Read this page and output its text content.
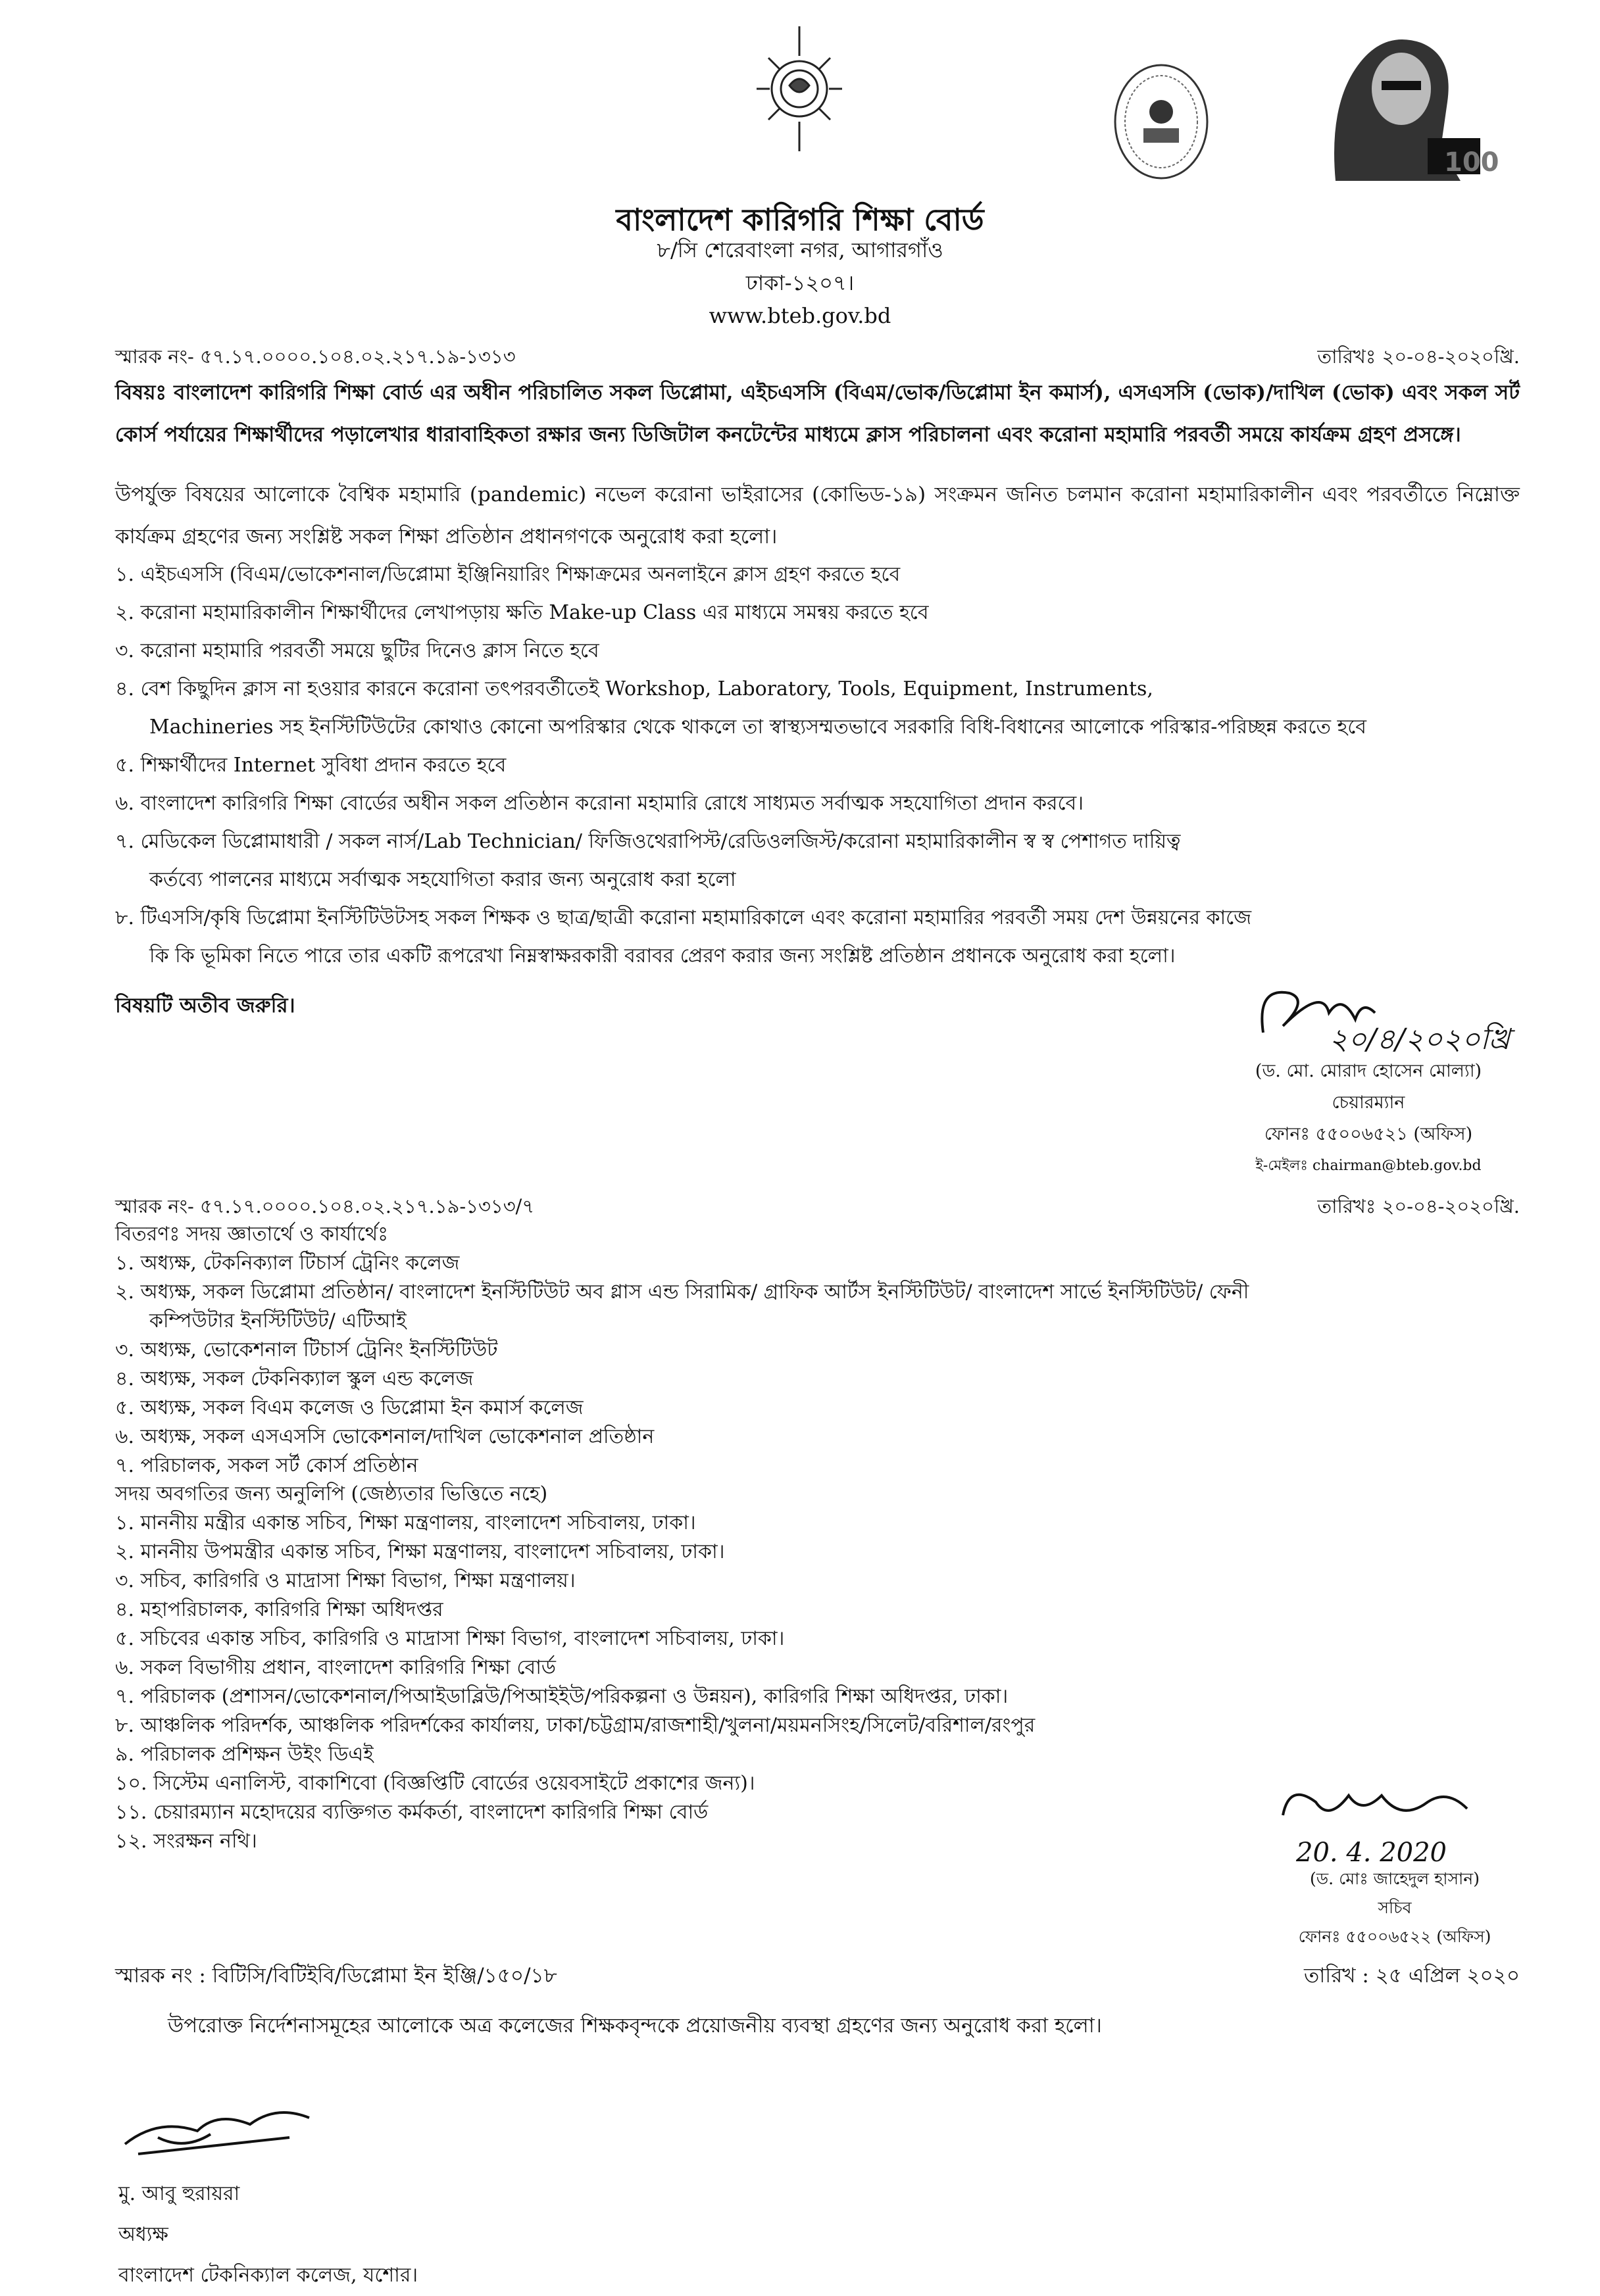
100
বাংলাদেশ কারিগরি শিক্ষা বোর্ড
৮/সি শেরেবাংলা নগর, আগারগাঁও
ঢাকা-১২০৭।
www.bteb.gov.bd
স্মারক নং- ৫৭.১৭.০০০০.১০৪.০২.২১৭.১৯-১৩১৩	তারিখঃ ২০-০৪-২০২০খ্রি.
বিষয়ঃ বাংলাদেশ কারিগরি শিক্ষা বোর্ড এর অধীন পরিচালিত সকল ডিপ্লোমা, এইচএসসি (বিএম/ভোক/ডিপ্লোমা ইন কমার্স), এসএসসি (ভোক)/দাখিল (ভোক) এবং সকল সর্ট কোর্স পর্যায়ের শিক্ষার্থীদের পড়ালেখার ধারাবাহিকতা রক্ষার জন্য ডিজিটাল কনটেন্টের মাধ্যমে ক্লাস পরিচালনা এবং করোনা মহামারি পরবর্তী সময়ে কার্যক্রম গ্রহণ প্রসঙ্গে।
উপর্যুক্ত বিষয়ের আলোকে বৈশ্বিক মহামারি (pandemic) নভেল করোনা ভাইরাসের (কোভিড-১৯) সংক্রমন জনিত চলমান করোনা মহামারিকালীন এবং পরবর্তীতে নিম্নোক্ত কার্যক্রম গ্রহণের জন্য সংশ্লিষ্ট সকল শিক্ষা প্রতিষ্ঠান প্রধানগণকে অনুরোধ করা হলো।
১. এইচএসসি (বিএম/ভোকেশনাল/ডিপ্লোমা ইঞ্জিনিয়ারিং শিক্ষাক্রমের অনলাইনে ক্লাস গ্রহণ করতে হবে
২. করোনা মহামারিকালীন শিক্ষার্থীদের লেখাপড়ায় ক্ষতি Make-up Class এর মাধ্যমে সমন্বয় করতে হবে
৩. করোনা মহামারি পরবর্তী সময়ে ছুটির দিনেও ক্লাস নিতে হবে
৪. বেশ কিছুদিন ক্লাস না হওয়ার কারনে করোনা তৎপরবর্তীতেই Workshop, Laboratory, Tools, Equipment, Instruments,
Machineries সহ ইনস্টিটিউটের কোথাও কোনো অপরিস্কার থেকে থাকলে তা স্বাস্থ্যসম্মতভাবে সরকারি বিধি-বিধানের আলোকে পরিস্কার-পরিচ্ছন্ন করতে হবে
৫. শিক্ষার্থীদের Internet সুবিধা প্রদান করতে হবে
৬. বাংলাদেশ কারিগরি শিক্ষা বোর্ডের অধীন সকল প্রতিষ্ঠান করোনা মহামারি রোধে সাধ্যমত সর্বাত্মক সহযোগিতা প্রদান করবে।
৭. মেডিকেল ডিপ্লোমাধারী / সকল নার্স/Lab Technician/ ফিজিওথেরাপিস্ট/রেডিওলজিস্ট/করোনা মহামারিকালীন স্ব স্ব পেশাগত দায়িত্ব
কর্তব্যে পালনের মাধ্যমে সর্বাত্মক সহযোগিতা করার জন্য অনুরোধ করা হলো
৮. টিএসসি/কৃষি ডিপ্লোমা ইনস্টিটিউটসহ সকল শিক্ষক ও ছাত্র/ছাত্রী করোনা মহামারিকালে এবং করোনা মহামারির পরবর্তী সময় দেশ উন্নয়নের কাজে
কি কি ভূমিকা নিতে পারে তার একটি রূপরেখা নিম্নস্বাক্ষরকারী বরাবর প্রেরণ করার জন্য সংশ্লিষ্ট প্রতিষ্ঠান প্রধানকে অনুরোধ করা হলো।
বিষয়টি অতীব জরুরি।
২০/৪/২০২০খ্রি
(ড. মো. মোরাদ হোসেন মোল্যা)
চেয়ারম্যান
ফোনঃ ৫৫০০৬৫২১ (অফিস)
ই-মেইলঃ chairman@bteb.gov.bd
স্মারক নং- ৫৭.১৭.০০০০.১০৪.০২.২১৭.১৯-১৩১৩/৭	তারিখঃ ২০-০৪-২০২০খ্রি.
বিতরণঃ সদয় জ্ঞাতার্থে ও কার্যার্থেঃ
১. অধ্যক্ষ, টেকনিক্যাল টিচার্স ট্রেনিং কলেজ
২. অধ্যক্ষ, সকল ডিপ্লোমা প্রতিষ্ঠান/ বাংলাদেশ ইনস্টিটিউট অব গ্লাস এন্ড সিরামিক/ গ্রাফিক আর্টস ইনস্টিটিউট/ বাংলাদেশ সার্ভে ইনস্টিটিউট/ ফেনী
কম্পিউটার ইনস্টিটিউট/ এটিআই
৩. অধ্যক্ষ, ভোকেশনাল টিচার্স ট্রেনিং ইনস্টিটিউট
৪. অধ্যক্ষ, সকল টেকনিক্যাল স্কুল এন্ড কলেজ
৫. অধ্যক্ষ, সকল বিএম কলেজ ও ডিপ্লোমা ইন কমার্স কলেজ
৬. অধ্যক্ষ, সকল এসএসসি ভোকেশনাল/দাখিল ভোকেশনাল প্রতিষ্ঠান
৭. পরিচালক, সকল সর্ট কোর্স প্রতিষ্ঠান
সদয় অবগতির জন্য অনুলিপি (জেষ্ঠ্যতার ভিত্তিতে নহে)
১. মাননীয় মন্ত্রীর একান্ত সচিব, শিক্ষা মন্ত্রণালয়, বাংলাদেশ সচিবালয়, ঢাকা।
২. মাননীয় উপমন্ত্রীর একান্ত সচিব, শিক্ষা মন্ত্রণালয়, বাংলাদেশ সচিবালয়, ঢাকা।
৩. সচিব, কারিগরি ও মাদ্রাসা শিক্ষা বিভাগ, শিক্ষা মন্ত্রণালয়।
৪. মহাপরিচালক, কারিগরি শিক্ষা অধিদপ্তর
৫. সচিবের একান্ত সচিব, কারিগরি ও মাদ্রাসা শিক্ষা বিভাগ, বাংলাদেশ সচিবালয়, ঢাকা।
৬. সকল বিভাগীয় প্রধান, বাংলাদেশ কারিগরি শিক্ষা বোর্ড
৭. পরিচালক (প্রশাসন/ভোকেশনাল/পিআইডাব্লিউ/পিআইইউ/পরিকল্পনা ও উন্নয়ন), কারিগরি শিক্ষা অধিদপ্তর, ঢাকা।
৮. আঞ্চলিক পরিদর্শক, আঞ্চলিক পরিদর্শকের কার্যালয়, ঢাকা/চট্টগ্রাম/রাজশাহী/খুলনা/ময়মনসিংহ/সিলেট/বরিশাল/রংপুর
৯. পরিচালক প্রশিক্ষন উইং ডিএই
১০. সিস্টেম এনালিস্ট, বাকাশিবো (বিজ্ঞপ্তিটি বোর্ডের ওয়েবসাইটে প্রকাশের জন্য)।
১১. চেয়ারম্যান মহোদয়ের ব্যক্তিগত কর্মকর্তা, বাংলাদেশ কারিগরি শিক্ষা বোর্ড
১২. সংরক্ষন নথি।	20. 4. 2020
(ড. মোঃ জাহেদুল হাসান)
সচিব
ফোনঃ ৫৫০০৬৫২২ (অফিস)
স্মারক নং : বিটিসি/বিটিইবি/ডিপ্লোমা ইন ইঞ্জি/১৫০/১৮	তারিখ : ২৫ এপ্রিল ২০২০
উপরোক্ত নির্দেশনাসমূহের আলোকে অত্র কলেজের শিক্ষকবৃন্দকে প্রয়োজনীয় ব্যবস্থা গ্রহণের জন্য অনুরোধ করা হলো।
মু. আবু হুরায়রা
অধ্যক্ষ
বাংলাদেশ টেকনিক্যাল কলেজ, যশোর।
